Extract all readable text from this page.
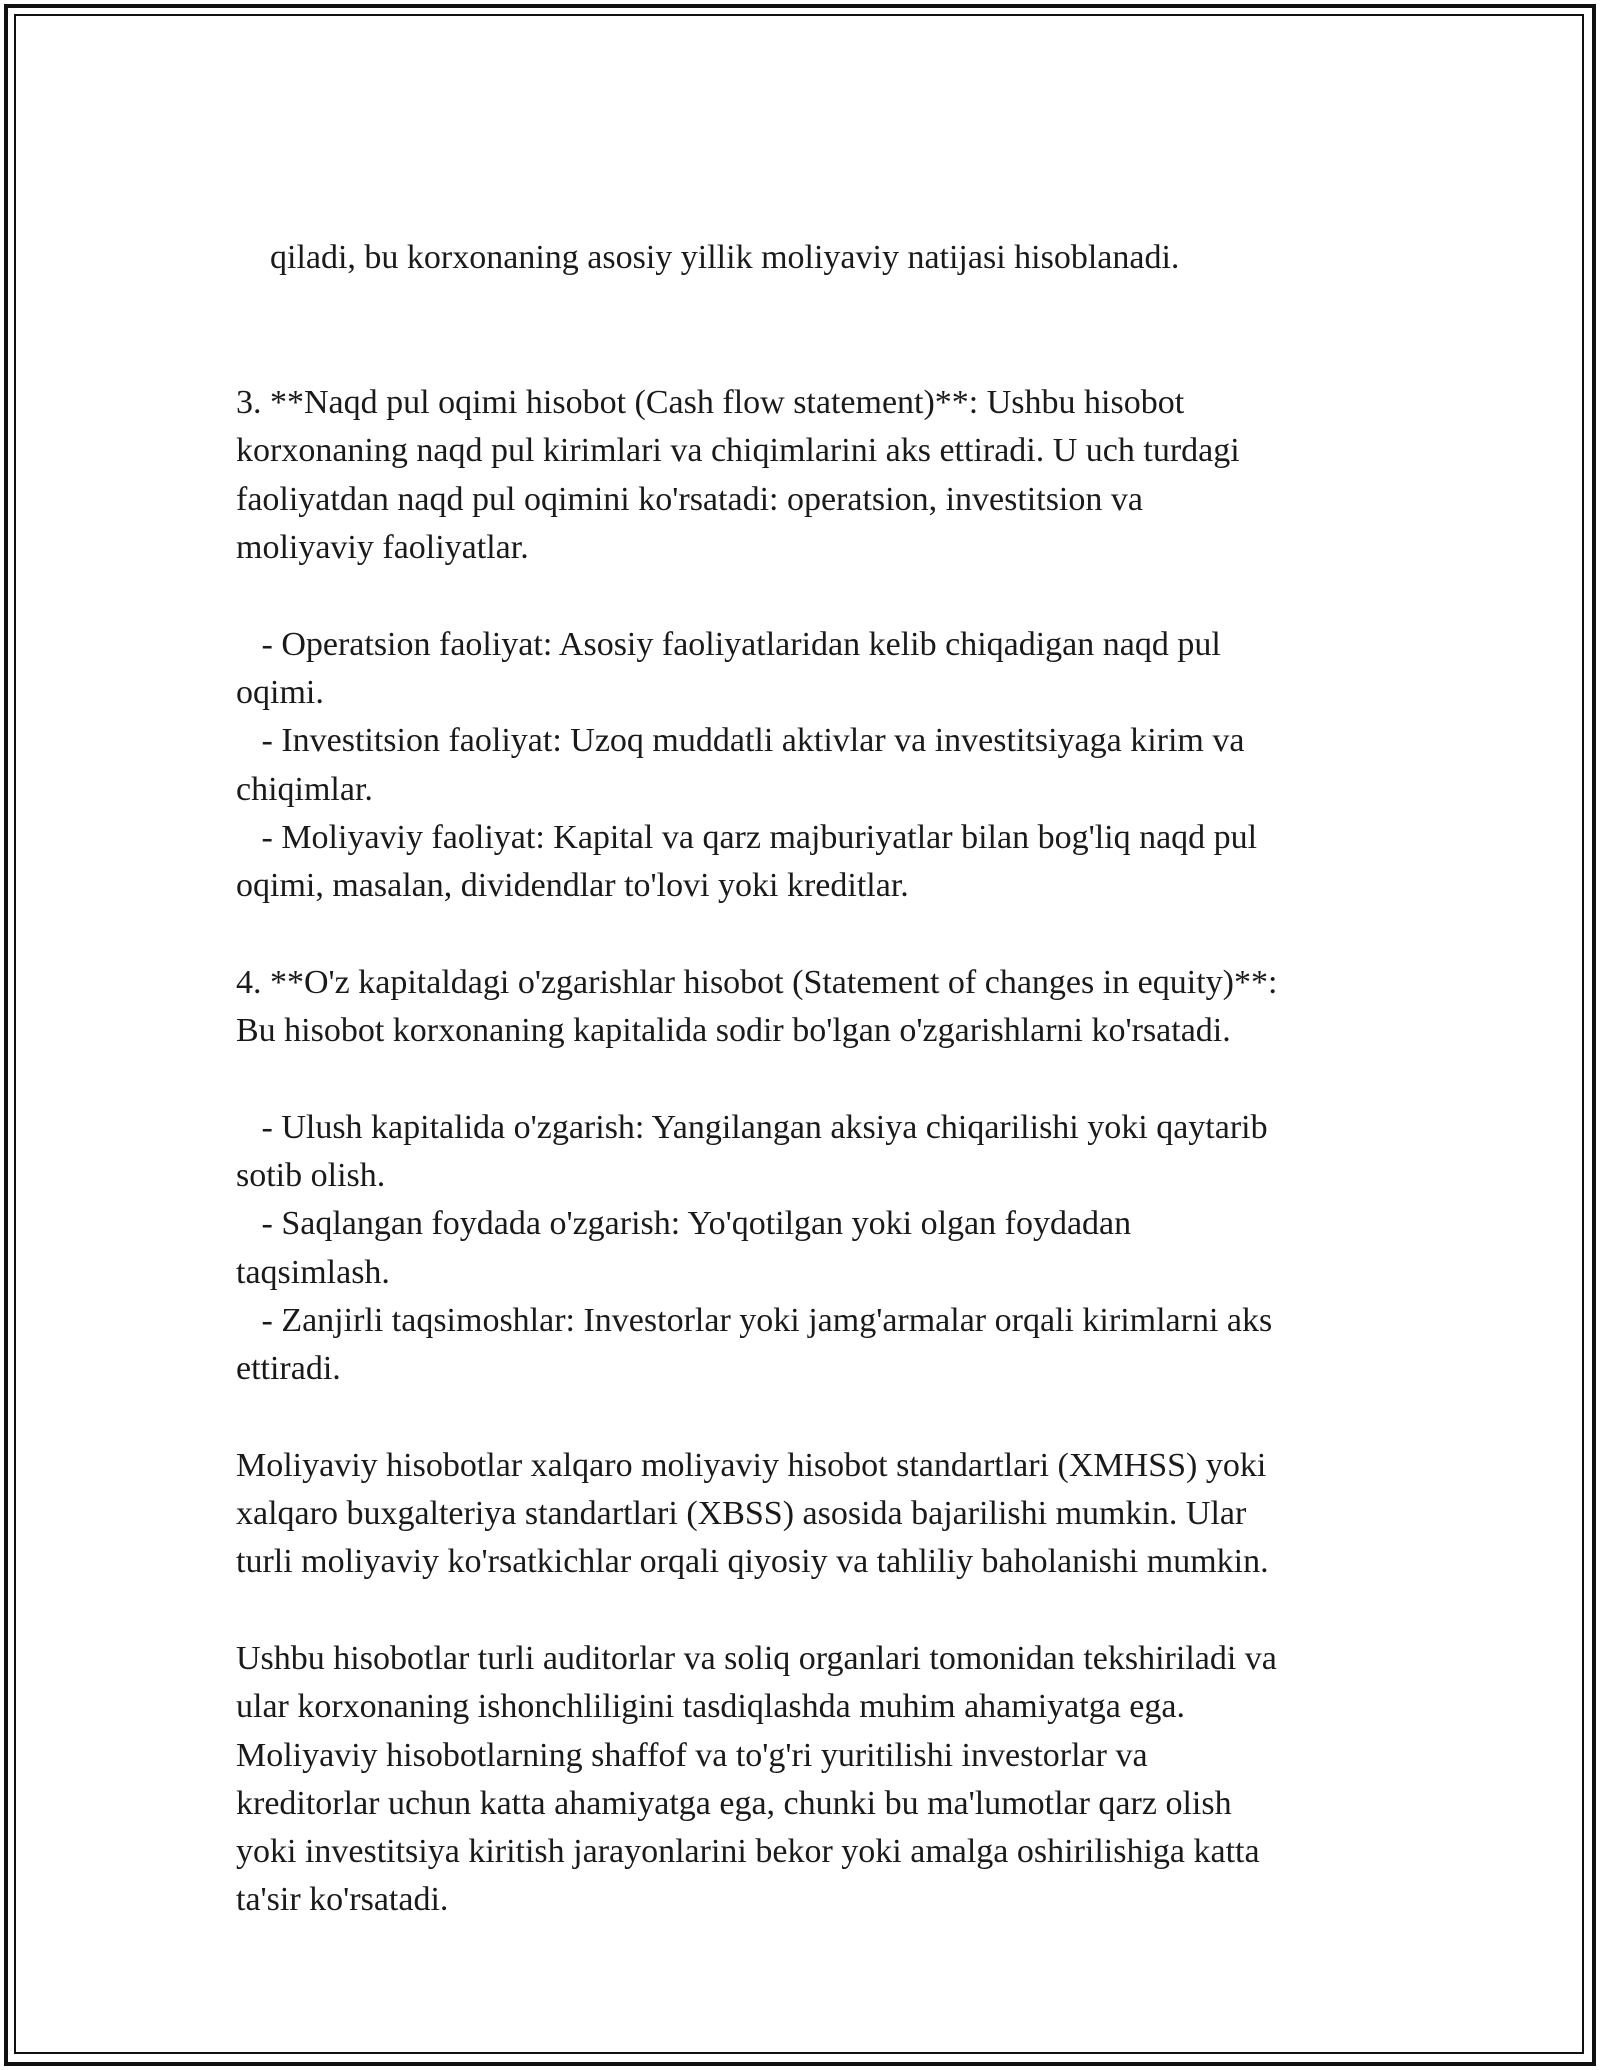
qiladi, bu korxonaning asosiy yillik moliyaviy natijasi hisoblanadi.

3. **Naqd pul oqimi hisobot (Cash flow statement)**: Ushbu hisobot
korxonaning naqd pul kirimlari va chiqimlarini aks ettiradi. U uch turdagi
faoliyatdan naqd pul oqimini ko'rsatadi: operatsion, investitsion va
moliyaviy faoliyatlar.

- Operatsion faoliyat: Asosiy faoliyatlaridan kelib chiqadigan naqd pul
oqimi.
- Investitsion faoliyat: Uzoq muddatli aktivlar va investitsiyaga kirim va
chiqimlar.
- Moliyaviy faoliyat: Kapital va qarz majburiyatlar bilan bog'liq naqd pul
oqimi, masalan, dividendlar to'lovi yoki kreditlar.

4. **O'z kapitaldagi o'zgarishlar hisobot (Statement of changes in equity)**:
Bu hisobot korxonaning kapitalida sodir bo'lgan o'zgarishlarni ko'rsatadi.

- Ulush kapitalida o'zgarish: Yangilangan aksiya chiqarilishi yoki qaytarib
sotib olish.
- Saqlangan foydada o'zgarish: Yo'qotilgan yoki olgan foydadan
taqsimlash.
- Zanjirli taqsimoshlar: Investorlar yoki jamg'armalar orqali kirimlarni aks
ettiradi.

Moliyaviy hisobotlar xalqaro moliyaviy hisobot standartlari (XMHSS) yoki
xalqaro buxgalteriya standartlari (XBSS) asosida bajarilishi mumkin. Ular
turli moliyaviy ko'rsatkichlar orqali qiyosiy va tahliliy baholanishi mumkin.

Ushbu hisobotlar turli auditorlar va soliq organlari tomonidan tekshiriladi va
ular korxonaning ishonchliligini tasdiqlashda muhim ahamiyatga ega.
Moliyaviy hisobotlarning shaffof va to'g'ri yuritilishi investorlar va
kreditorlar uchun katta ahamiyatga ega, chunki bu ma'lumotlar qarz olish
yoki investitsiya kiritish jarayonlarini bekor yoki amalga oshirilishiga katta
ta'sir ko'rsatadi.
